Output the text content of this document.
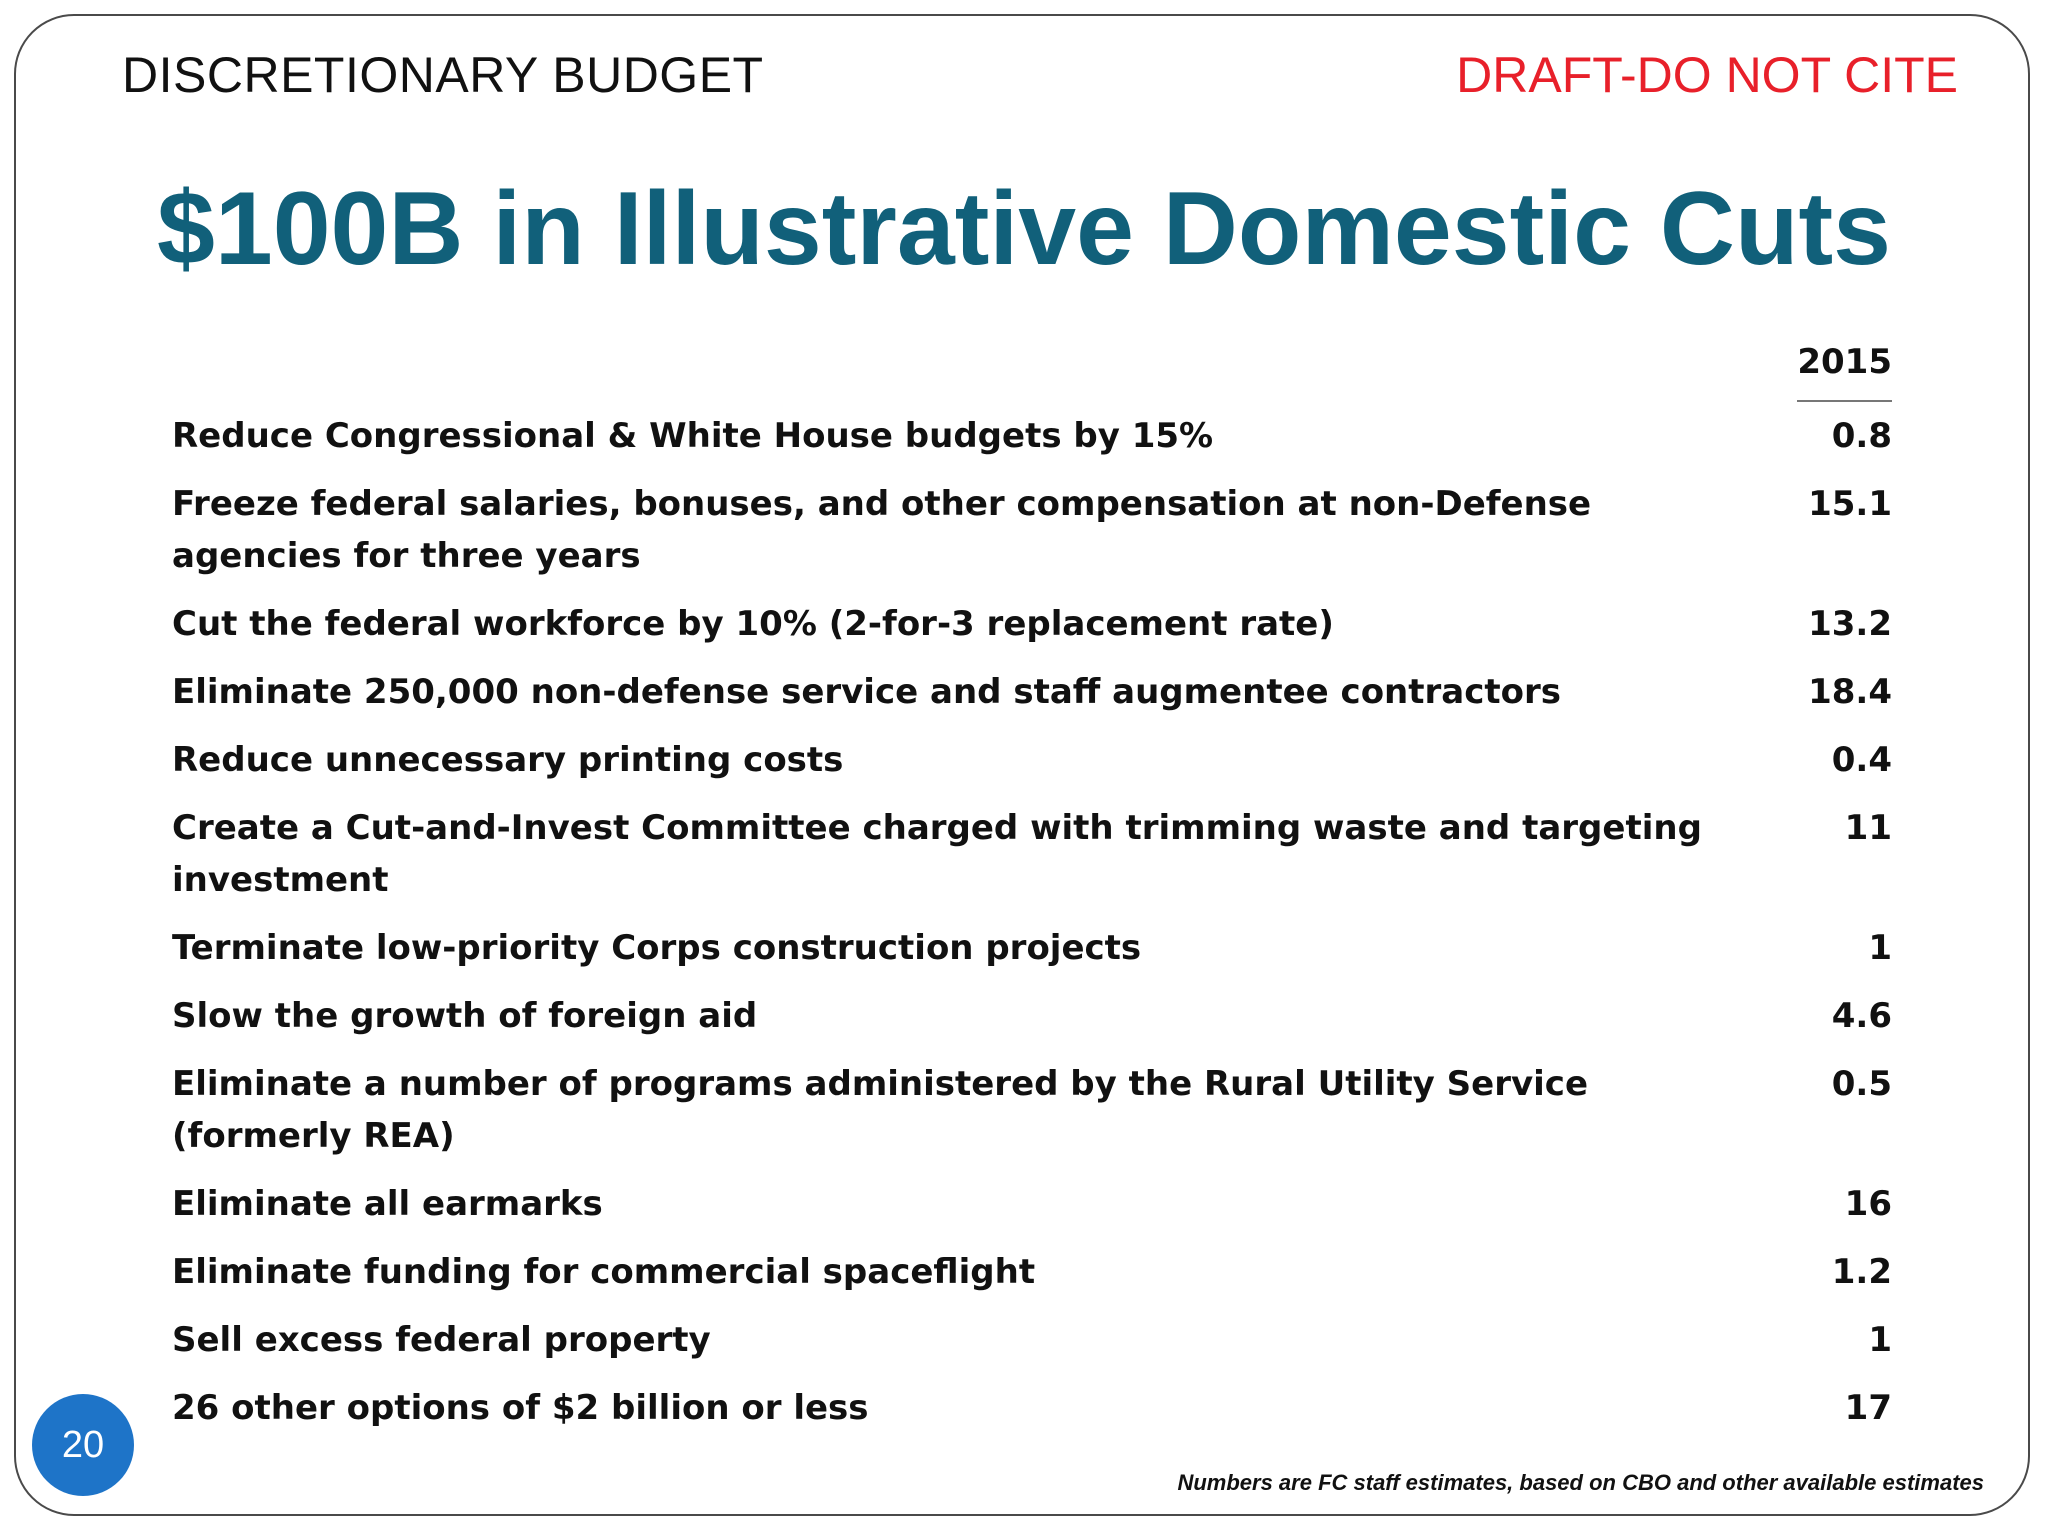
DISCRETIONARY BUDGET	DRAFT-DO NOT CITE
$100B in Illustrative Domestic Cuts
	2015
Reduce Congressional & White House budgets by 15%	0.8
Freeze federal salaries, bonuses, and other compensation at non-Defense agencies for three years	15.1
Cut the federal workforce by 10% (2-for-3 replacement rate)	13.2
Eliminate 250,000 non-defense service and staff augmentee contractors	18.4
Reduce unnecessary printing costs	0.4
Create a Cut-and-Invest Committee charged with trimming waste and targeting investment	11
Terminate low-priority Corps construction projects	1
Slow the growth of foreign aid	4.6
Eliminate a number of programs administered by the Rural Utility Service (formerly REA)	0.5
Eliminate all earmarks	16
Eliminate funding for commercial spaceflight	1.2
Sell excess federal property	1
26 other options of $2 billion or less	17
20
Numbers are FC staff estimates, based on CBO and other available estimates
